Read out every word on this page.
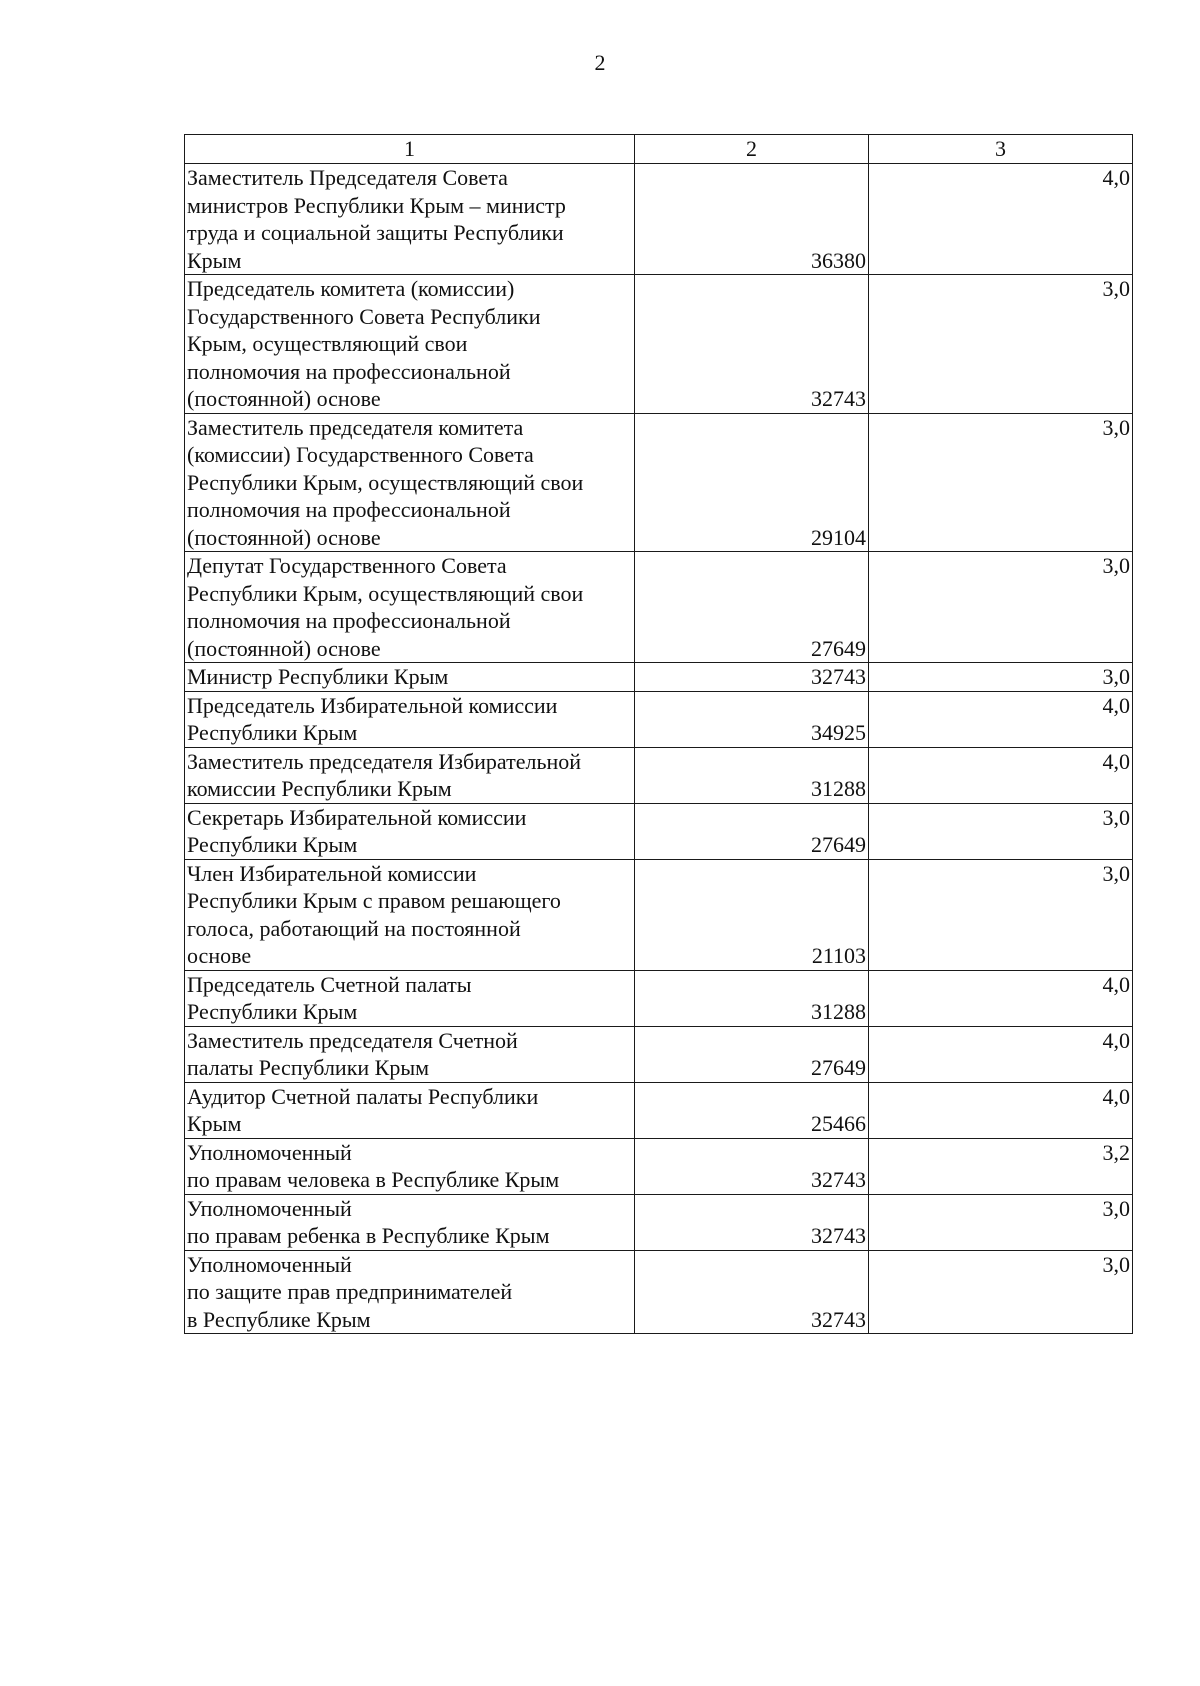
2
1	2	3
Заместитель Председателя Совета
министров Республики Крым – министр
труда и социальной защиты Республики
Крым	36380	4,0
Председатель комитета (комиссии)
Государственного Совета Республики
Крым, осуществляющий свои
полномочия на профессиональной
(постоянной) основе	32743	3,0
Заместитель председателя комитета
(комиссии) Государственного Совета
Республики Крым, осуществляющий свои
полномочия на профессиональной
(постоянной) основе	29104	3,0
Депутат Государственного Совета
Республики Крым, осуществляющий свои
полномочия на профессиональной
(постоянной) основе	27649	3,0
Министр Республики Крым	32743	3,0
Председатель Избирательной комиссии
Республики Крым	34925	4,0
Заместитель председателя Избирательной
комиссии Республики Крым	31288	4,0
Секретарь Избирательной комиссии
Республики Крым	27649	3,0
Член Избирательной комиссии
Республики Крым с правом решающего
голоса, работающий на постоянной
основе	21103	3,0
Председатель Счетной палаты
Республики Крым	31288	4,0
Заместитель председателя Счетной
палаты Республики Крым	27649	4,0
Аудитор Счетной палаты Республики
Крым	25466	4,0
Уполномоченный
по правам человека в Республике Крым	32743	3,2
Уполномоченный
по правам ребенка в Республике Крым	32743	3,0
Уполномоченный
по защите прав предпринимателей
в Республике Крым	32743	3,0
